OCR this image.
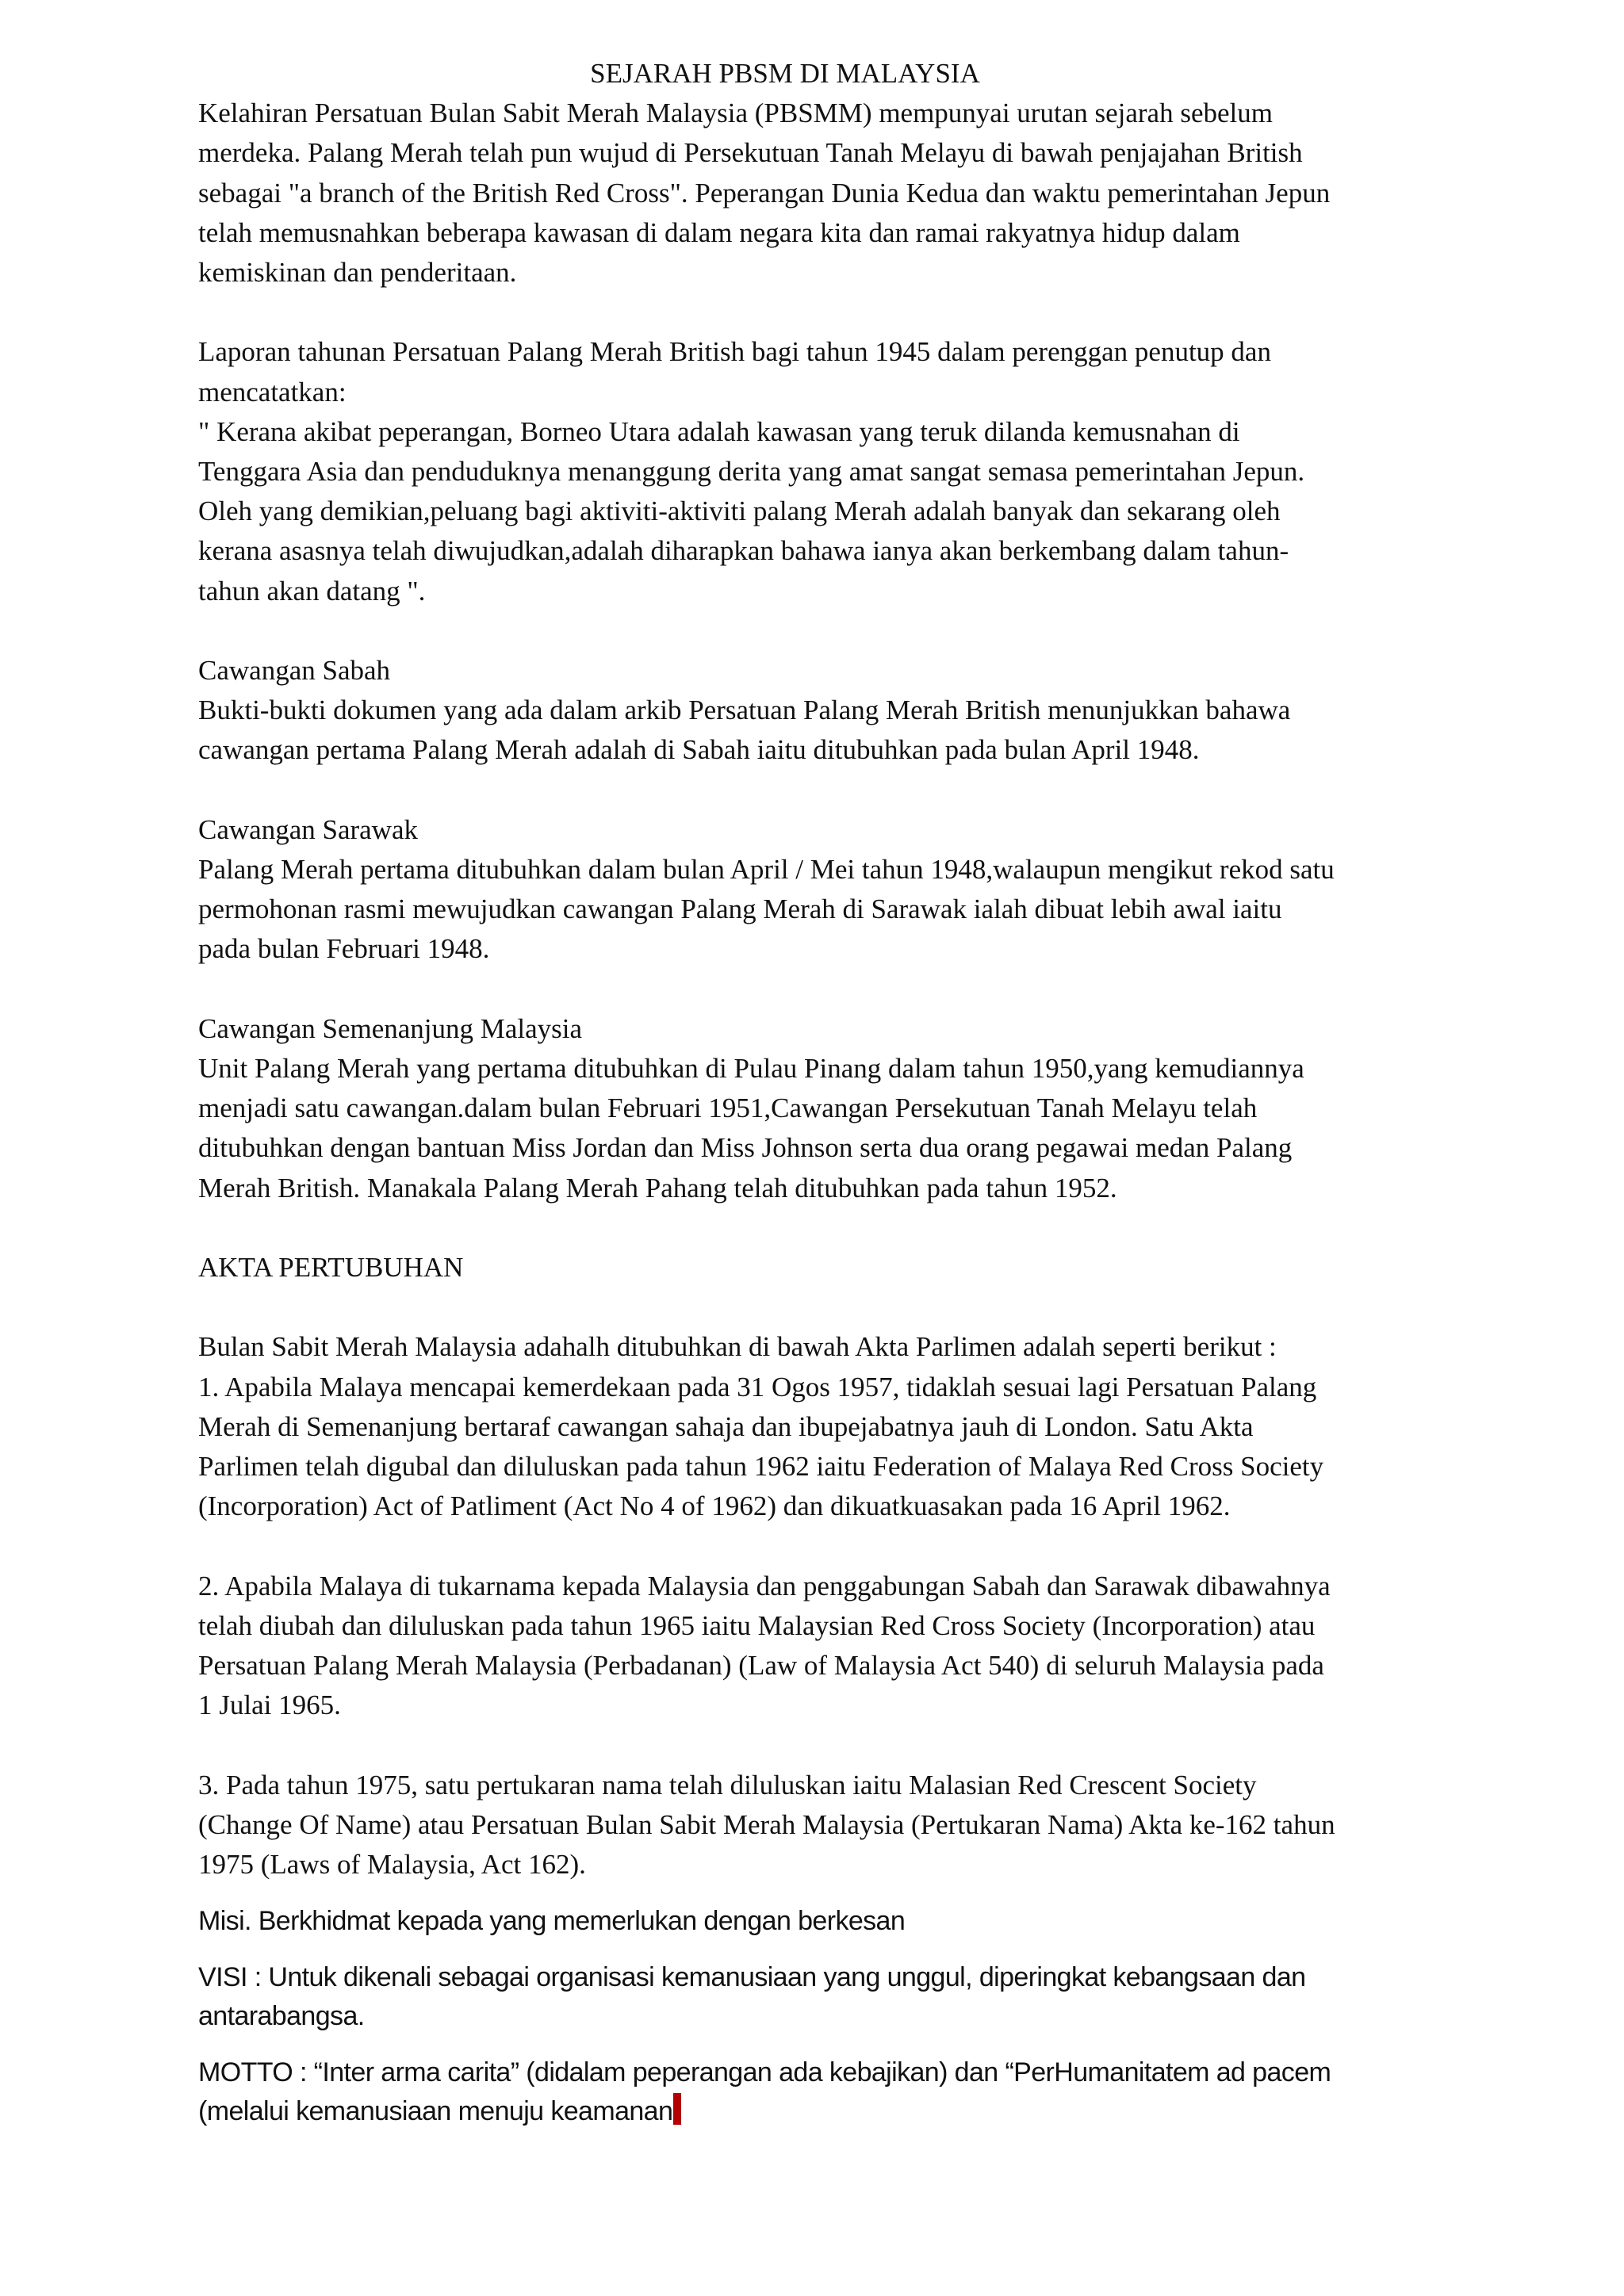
SEJARAH PBSM DI MALAYSIA

Kelahiran Persatuan Bulan Sabit Merah Malaysia (PBSMM) mempunyai urutan sejarah sebelum
merdeka. Palang Merah telah pun wujud di Persekutuan Tanah Melayu di bawah penjajahan British
sebagai "a branch of the British Red Cross". Peperangan Dunia Kedua dan waktu pemerintahan Jepun
telah memusnahkan beberapa kawasan di dalam negara kita dan ramai rakyatnya hidup dalam
kemiskinan dan penderitaan.

Laporan tahunan Persatuan Palang Merah British bagi tahun 1945 dalam perenggan penutup dan
mencatatkan:
" Kerana akibat peperangan, Borneo Utara adalah kawasan yang teruk dilanda kemusnahan di
Tenggara Asia dan penduduknya menanggung derita yang amat sangat semasa pemerintahan Jepun.
Oleh yang demikian,peluang bagi aktiviti-aktiviti palang Merah adalah banyak dan sekarang oleh
kerana asasnya telah diwujudkan,adalah diharapkan bahawa ianya akan berkembang dalam tahun-
tahun akan datang ".

Cawangan Sabah
Bukti-bukti dokumen yang ada dalam arkib Persatuan Palang Merah British menunjukkan bahawa
cawangan pertama Palang Merah adalah di Sabah iaitu ditubuhkan pada bulan April 1948.

Cawangan Sarawak
Palang Merah pertama ditubuhkan dalam bulan April / Mei tahun 1948,walaupun mengikut rekod satu
permohonan rasmi mewujudkan cawangan Palang Merah di Sarawak ialah dibuat lebih awal iaitu
pada bulan Februari 1948.

Cawangan Semenanjung Malaysia
Unit Palang Merah yang pertama ditubuhkan di Pulau Pinang dalam tahun 1950,yang kemudiannya
menjadi satu cawangan.dalam bulan Februari 1951,Cawangan Persekutuan Tanah Melayu telah
ditubuhkan dengan bantuan Miss Jordan dan Miss Johnson serta dua orang pegawai medan Palang
Merah British. Manakala Palang Merah Pahang telah ditubuhkan pada tahun 1952.

AKTA PERTUBUHAN

Bulan Sabit Merah Malaysia adahalh ditubuhkan di bawah Akta Parlimen adalah seperti berikut :
1. Apabila Malaya mencapai kemerdekaan pada 31 Ogos 1957, tidaklah sesuai lagi Persatuan Palang
Merah di Semenanjung bertaraf cawangan sahaja dan ibupejabatnya jauh di London. Satu Akta
Parlimen telah digubal dan diluluskan pada tahun 1962 iaitu Federation of Malaya Red Cross Society
(Incorporation) Act of Patliment (Act No 4 of 1962) dan dikuatkuasakan pada 16 April 1962.

2. Apabila Malaya di tukarnama kepada Malaysia dan penggabungan Sabah dan Sarawak dibawahnya
telah diubah dan diluluskan pada tahun 1965 iaitu Malaysian Red Cross Society (Incorporation) atau
Persatuan Palang Merah Malaysia (Perbadanan) (Law of Malaysia Act 540) di seluruh Malaysia pada
1 Julai 1965.

3. Pada tahun 1975, satu pertukaran nama telah diluluskan iaitu Malasian Red Crescent Society
(Change Of Name) atau Persatuan Bulan Sabit Merah Malaysia (Pertukaran Nama) Akta ke-162 tahun
1975 (Laws of Malaysia, Act 162).

Misi. Berkhidmat kepada yang memerlukan dengan berkesan

VISI : Untuk dikenali sebagai organisasi kemanusiaan yang unggul, diperingkat kebangsaan dan
antarabangsa.

MOTTO : “Inter arma carita” (didalam peperangan ada kebajikan) dan “PerHumanitatem ad pacem
(melalui kemanusiaan menuju keamanan
